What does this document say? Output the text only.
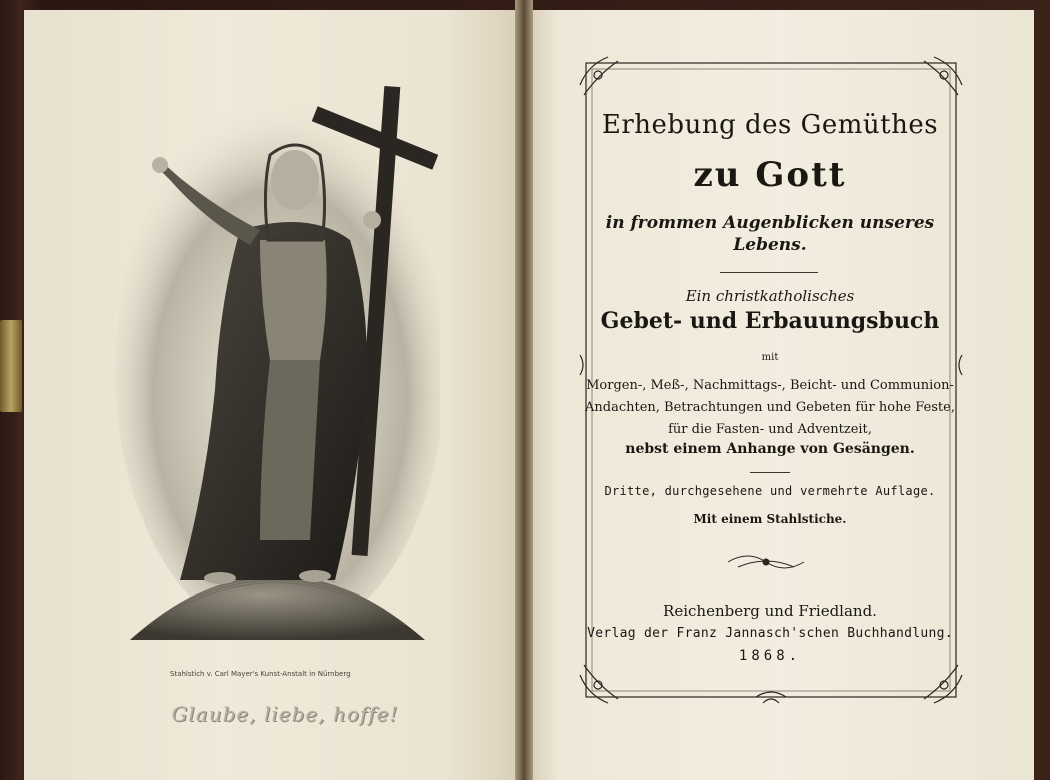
Stahlstich v. Carl Mayer's Kunst-Anstalt in Nürnberg
Glaube, liebe, hoffe!
Erhebung des Gemüthes
zu Gott
in frommen Augenblicken unseres
Lebens.
Ein christkatholisches
Gebet- und Erbauungsbuch
mit
Morgen-, Meß-, Nachmittags-, Beicht- und Communion-
Andachten, Betrachtungen und Gebeten für hohe Feste,
für die Fasten- und Adventzeit,
nebst einem Anhange von Gesängen.
Dritte, durchgesehene und vermehrte Auflage.
Mit einem Stahlstiche.
Reichenberg und Friedland.
Verlag der Franz Jannasch'schen Buchhandlung.
1868.
